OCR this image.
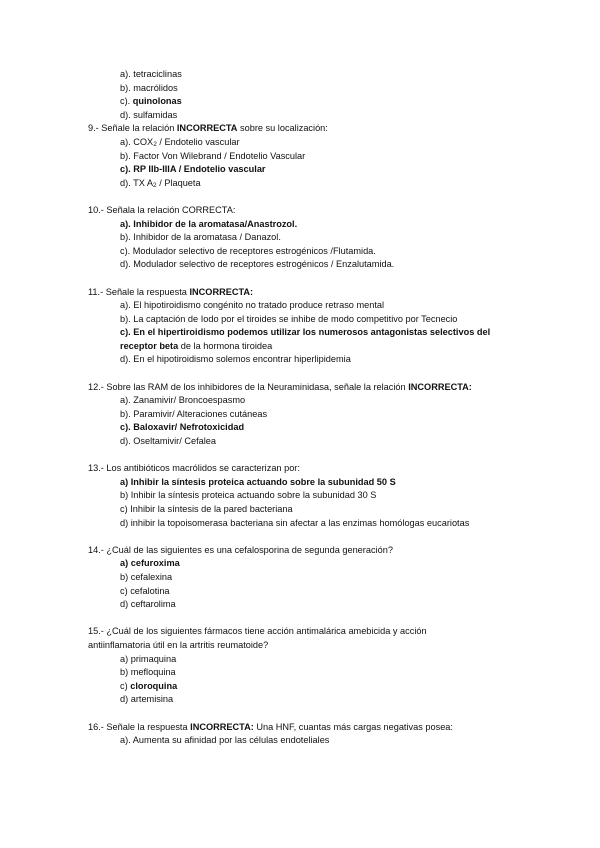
a). tetraciclinas
b). macrólidos
c). quinolonas
d). sulfamidas
9.- Señale la relación INCORRECTA sobre su localización:
a). $COX_2$ / Endotelio vascular
b). Factor Von Wilebrand / Endotelio Vascular
c). RP IIb-IIIA / Endotelio vascular
d). TX $A_2$ / Plaqueta
10.- Señala la relación CORRECTA:
a). Inhibidor de la aromatasa/Anastrozol.
b). Inhibidor de la aromatasa / Danazol.
c). Modulador selectivo de receptores estrogénicos /Flutamida.
d). Modulador selectivo de receptores estrogénicos / Enzalutamida.
11.- Señale la respuesta INCORRECTA:
a). El hipotiroidismo congénito no tratado produce retraso mental
b). La captación de Iodo por el tiroides se inhibe de modo competitivo por Tecnecio
c). En el hipertiroidismo podemos utilizar los numerosos antagonistas selectivos del receptor beta de la hormona tiroidea
d). En el hipotiroidismo solemos encontrar hiperlipidemia
12.- Sobre las RAM de los inhibidores de la Neuraminidasa, señale la relación INCORRECTA:
a). Zanamivir/ Broncoespasmo
b). Paramivir/ Alteraciones cutáneas
c). Baloxavir/ Nefrotoxicidad
d). Oseltamivir/ Cefalea
13.- Los antibióticos macrólidos se caracterizan por:
a) Inhibir la síntesis proteica actuando sobre la subunidad 50 S
b) Inhibir la síntesis proteica actuando sobre la subunidad 30 S
c) Inhibir la síntesis de la pared bacteriana
d) inhibir la topoisomerasa bacteriana sin afectar a las enzimas homólogas eucariotas
14.- ¿Cuál de las siguientes es una cefalosporina de segunda generación?
a) cefuroxima
b) cefalexina
c) cefalotina
d) ceftarolima
15.- ¿Cuál de los siguientes fármacos tiene acción antimalárica amebicida y acción
antiinflamatoria útil en la artritis reumatoide?
a) primaquina
b) mefloquina
c) cloroquina
d) artemisina
16.- Señale la respuesta INCORRECTA: Una HNF, cuantas más cargas negativas posea:
a). Aumenta su afinidad por las células endoteliales
